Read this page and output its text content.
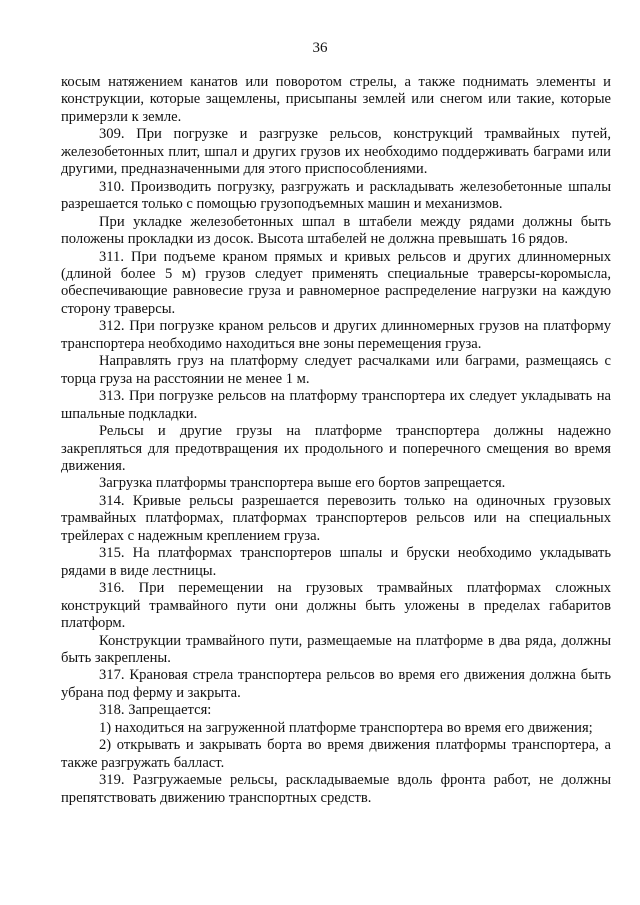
36

косым натяжением канатов или поворотом стрелы, а также поднимать элементы и конструкции, которые защемлены, присыпаны землей или снегом или такие, которые примерзли к земле.

309. При погрузке и разгрузке рельсов, конструкций трамвайных путей, железобетонных плит, шпал и других грузов их необходимо поддерживать баграми или другими, предназначенными для этого приспособлениями.

310. Производить погрузку, разгружать и раскладывать железобетонные шпалы разрешается только с помощью грузоподъемных машин и механизмов.

При укладке железобетонных шпал в штабели между рядами должны быть положены прокладки из досок. Высота штабелей не должна превышать 16 рядов.

311. При подъеме краном прямых и кривых рельсов и других длинномерных (длиной более 5 м) грузов следует применять специальные траверсы-коромысла, обеспечивающие равновесие груза и равномерное распределение нагрузки на каждую сторону траверсы.

312. При погрузке краном рельсов и других длинномерных грузов на платформу транспортера необходимо находиться вне зоны перемещения груза.

Направлять груз на платформу следует расчалками или баграми, размещаясь с торца груза на расстоянии не менее 1 м.

313. При погрузке рельсов на платформу транспортера их следует укладывать на шпальные подкладки.

Рельсы и другие грузы на платформе транспортера должны надежно закрепляться для предотвращения их продольного и поперечного смещения во время движения.

Загрузка платформы транспортера выше его бортов запрещается.

314. Кривые рельсы разрешается перевозить только на одиночных грузовых трамвайных платформах, платформах транспортеров рельсов или на специальных трейлерах с надежным креплением груза.

315. На платформах транспортеров шпалы и бруски необходимо укладывать рядами в виде лестницы.

316. При перемещении на грузовых трамвайных платформах сложных конструкций трамвайного пути они должны быть уложены в пределах габаритов платформ.

Конструкции трамвайного пути, размещаемые на платформе в два ряда, должны быть закреплены.

317. Крановая стрела транспортера рельсов во время его движения должна быть убрана под ферму и закрыта.

318. Запрещается:

1) находиться на загруженной платформе транспортера во время его движения;

2) открывать и закрывать борта во время движения платформы транспортера, а также разгружать балласт.

319. Разгружаемые рельсы, раскладываемые вдоль фронта работ, не должны препятствовать движению транспортных средств.
